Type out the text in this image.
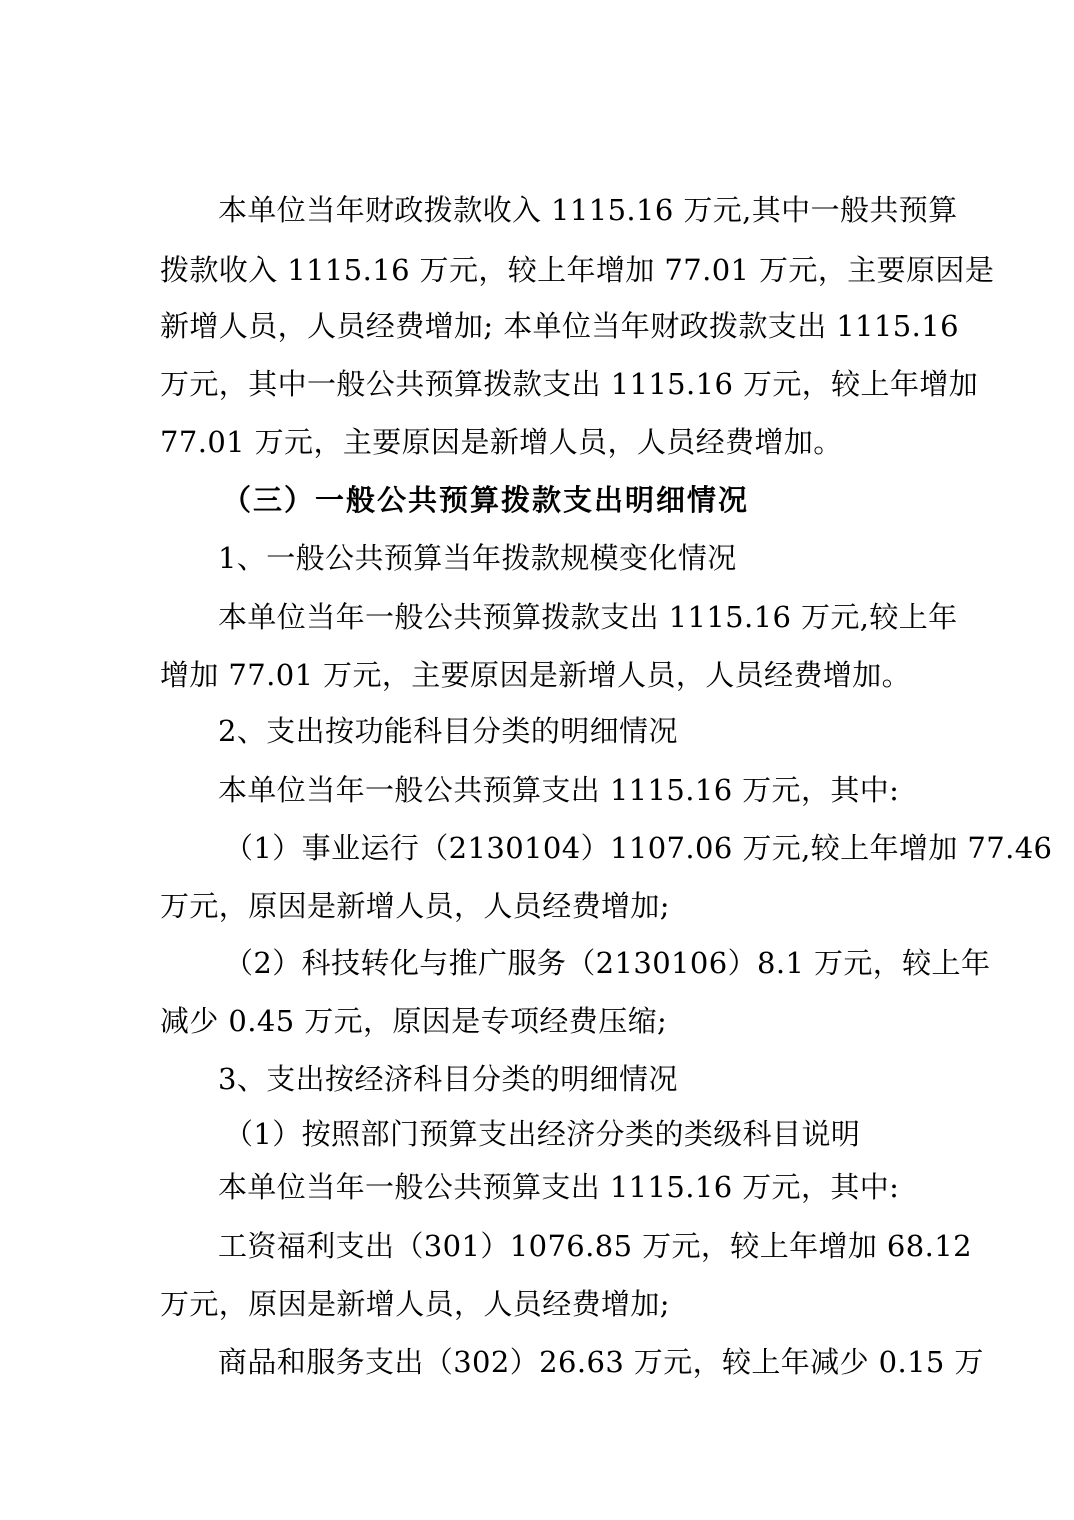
本单位当年财政拨款收入 1115.16 万元,其中一般共预算

拨款收入 1115.16 万元，较上年增加 77.01 万元，主要原因是

新增人员，人员经费增加; 本单位当年财政拨款支出 1115.16

万元，其中一般公共预算拨款支出 1115.16 万元，较上年增加

77.01 万元，主要原因是新增人员，人员经费增加。

（三）一般公共预算拨款支出明细情况

1、一般公共预算当年拨款规模变化情况

本单位当年一般公共预算拨款支出 1115.16 万元,较上年

增加 77.01 万元，主要原因是新增人员，人员经费增加。

2、支出按功能科目分类的明细情况

本单位当年一般公共预算支出 1115.16 万元，其中:

（1）事业运行（2130104）1107.06 万元,较上年增加 77.46

万元，原因是新增人员，人员经费增加;

（2）科技转化与推广服务（2130106）8.1 万元，较上年

减少 0.45 万元，原因是专项经费压缩;

3、支出按经济科目分类的明细情况

（1）按照部门预算支出经济分类的类级科目说明

本单位当年一般公共预算支出 1115.16 万元，其中:

工资福利支出（301）1076.85 万元，较上年增加 68.12

万元，原因是新增人员，人员经费增加;

商品和服务支出（302）26.63 万元，较上年减少 0.15 万
